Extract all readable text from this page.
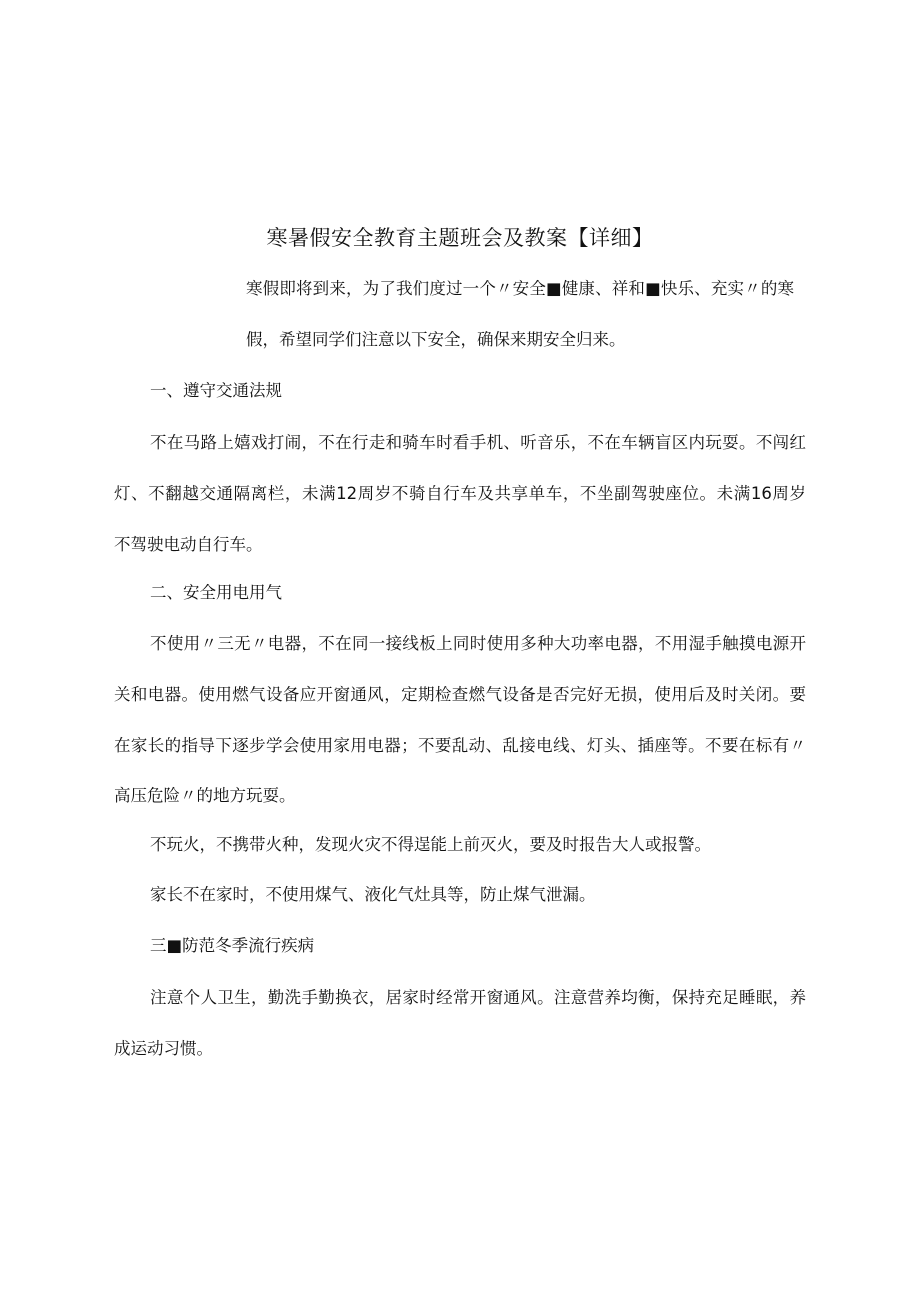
寒暑假安全教育主题班会及教案【详细】
寒假即将到来，为了我们度过一个〃安全■健康、祥和■快乐、充实〃的寒
假，希望同学们注意以下安全，确保来期安全归来。
一、遵守交通法规
不在马路上嬉戏打闹，不在行走和骑车时看手机、听音乐，不在车辆盲区内玩耍。不闯红
灯、不翻越交通隔离栏，未满12周岁不骑自行车及共享单车，不坐副驾驶座位。未满16周岁
不驾驶电动自行车。
二、安全用电用气
不使用〃三无〃电器，不在同一接线板上同时使用多种大功率电器，不用湿手触摸电源开
关和电器。使用燃气设备应开窗通风，定期检查燃气设备是否完好无损，使用后及时关闭。要
在家长的指导下逐步学会使用家用电器；不要乱动、乱接电线、灯头、插座等。不要在标有〃
高压危险〃的地方玩耍。
不玩火，不携带火种，发现火灾不得逞能上前灭火，要及时报告大人或报警。
家长不在家时，不使用煤气、液化气灶具等，防止煤气泄漏。
三■防范冬季流行疾病
注意个人卫生，勤洗手勤换衣，居家时经常开窗通风。注意营养均衡，保持充足睡眠，养
成运动习惯。
